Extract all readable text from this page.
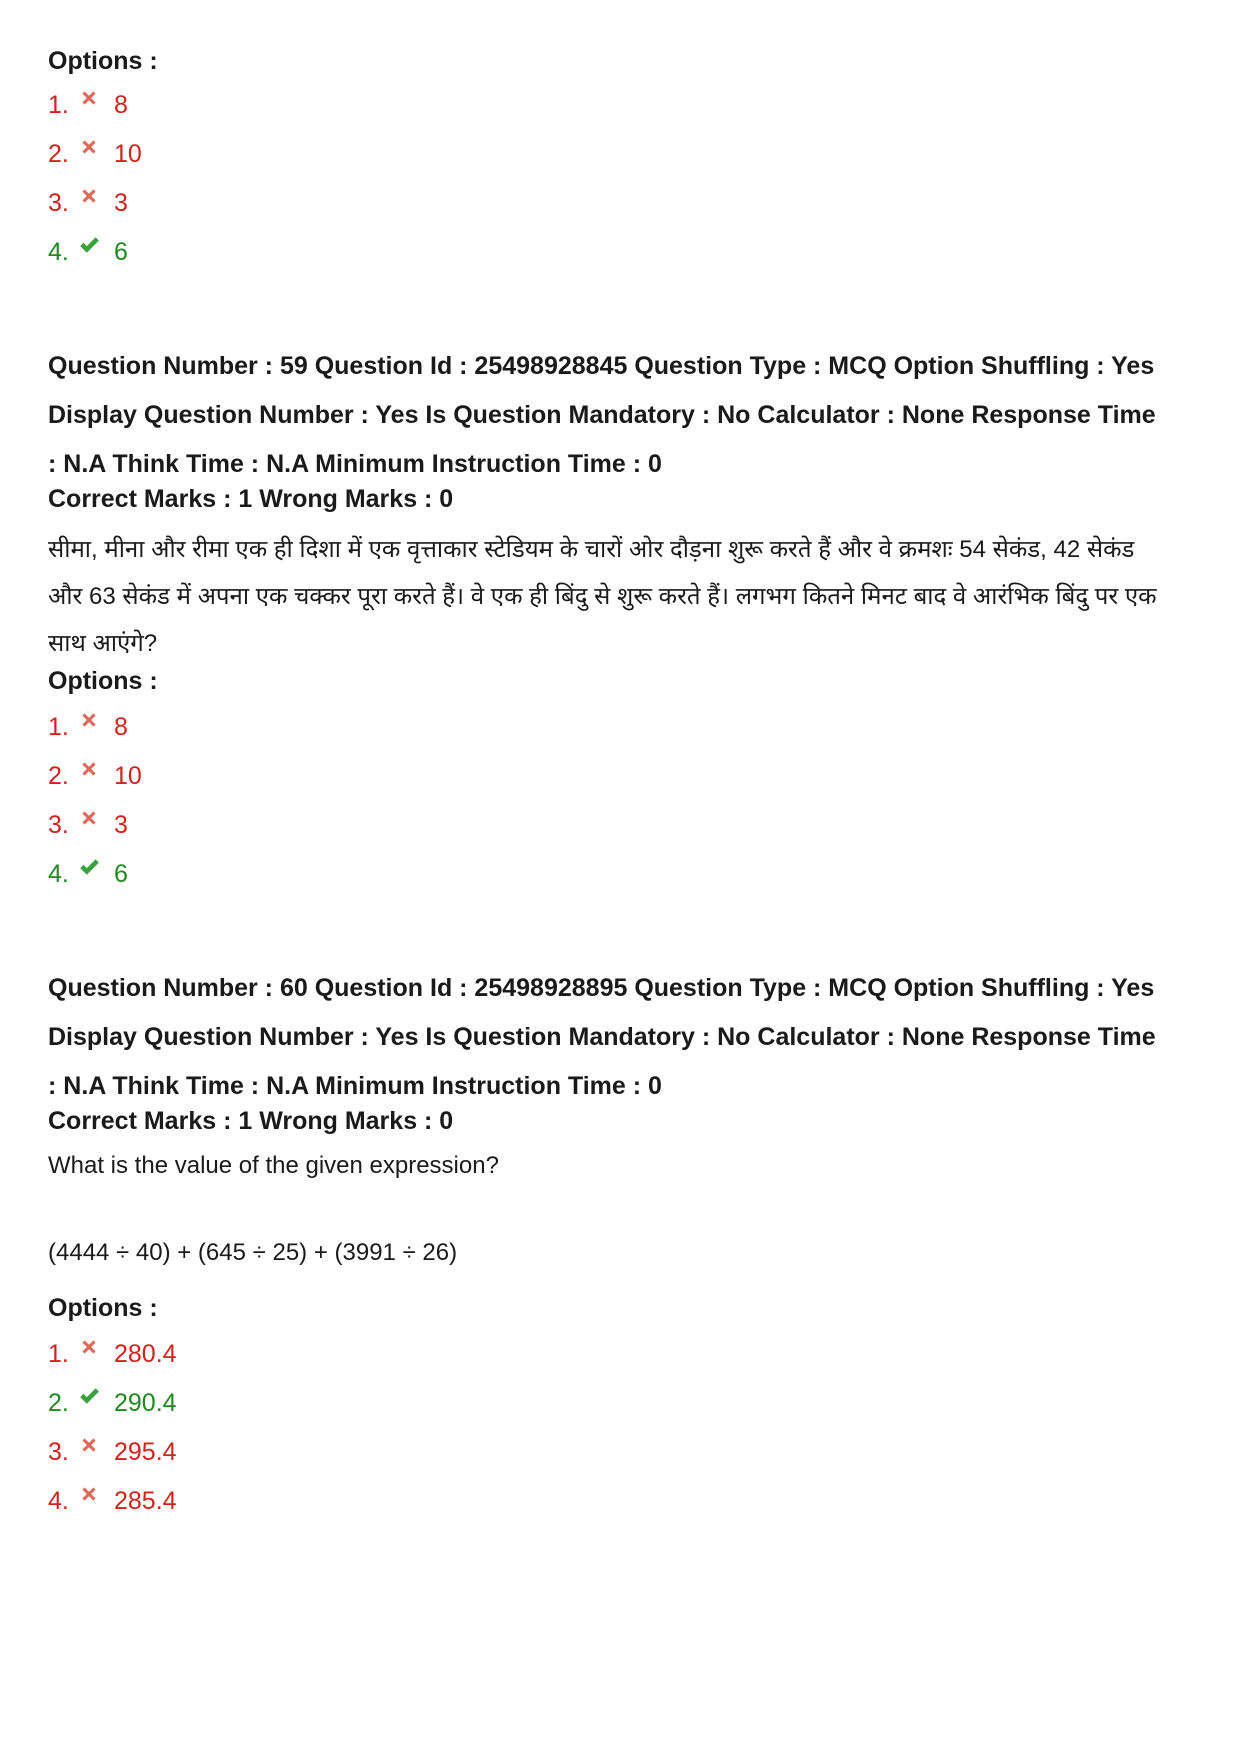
Options :
1.	8
2.	10
3.	3
4.	6
Question Number : 59 Question Id : 25498928845 Question Type : MCQ Option Shuffling : Yes
Display Question Number : Yes Is Question Mandatory : No Calculator : None Response Time
: N.A Think Time : N.A Minimum Instruction Time : 0
Correct Marks : 1 Wrong Marks : 0
सीमा, मीना और रीमा एक ही दिशा में एक वृत्ताकार स्टेडियम के चारों ओर दौड़ना शुरू करते हैं और वे क्रमशः 54 सेकंड, 42 सेकंड
और 63 सेकंड में अपना एक चक्कर पूरा करते हैं। वे एक ही बिंदु से शुरू करते हैं। लगभग कितने मिनट बाद वे आरंभिक बिंदु पर एक
साथ आएंगे?
Options :
1.	8
2.	10
3.	3
4.	6
Question Number : 60 Question Id : 25498928895 Question Type : MCQ Option Shuffling : Yes
Display Question Number : Yes Is Question Mandatory : No Calculator : None Response Time
: N.A Think Time : N.A Minimum Instruction Time : 0
Correct Marks : 1 Wrong Marks : 0
What is the value of the given expression?
(4444 ÷ 40) + (645 ÷ 25) + (3991 ÷ 26)
Options :
1.	280.4
2.	290.4
3.	295.4
4.	285.4
